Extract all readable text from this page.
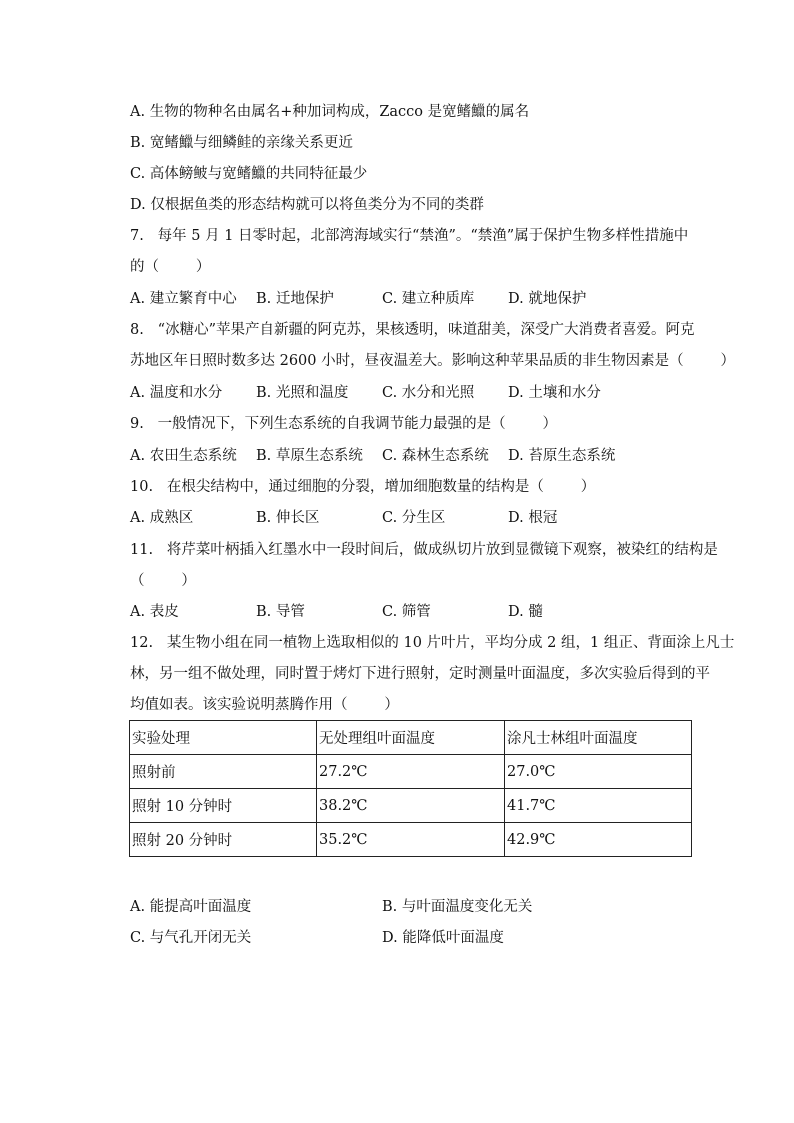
A. 生物的物种名由属名+种加词构成，Zacco 是宽鳍鱲的属名
B. 宽鳍鱲与细鳞鲑的亲缘关系更近
C. 高体鳑鲏与宽鳍鱲的共同特征最少
D. 仅根据鱼类的形态结构就可以将鱼类分为不同的类群
7.   每年 5 月 1 日零时起，北部湾海域实行“禁渔”。“禁渔”属于保护生物多样性措施中
的（        ）
A. 建立繁育中心 B. 迁地保护	C. 建立种质库 D. 就地保护
8.   “冰糖心”苹果产自新疆的阿克苏，果核透明，味道甜美，深受广大消费者喜爱。阿克
苏地区年日照时数多达 2600 小时，昼夜温差大。影响这种苹果品质的非生物因素是（        ）
A. 温度和水分 B. 光照和温度 C. 水分和光照 D. 土壤和水分
9.   一般情况下，下列生态系统的自我调节能力最强的是（        ）
A. 农田生态系统 B. 草原生态系统 C. 森林生态系统 D. 苔原生态系统
10.   在根尖结构中，通过细胞的分裂，增加细胞数量的结构是（        ）
A. 成熟区	B. 伸长区	C. 分生区	D. 根冠
11.   将芹菜叶柄插入红墨水中一段时间后，做成纵切片放到显微镜下观察，被染红的结构是
（        ）
A. 表皮	B. 导管	C. 筛管	D. 髓
12.   某生物小组在同一植物上选取相似的 10 片叶片，平均分成 2 组，1 组正、背面涂上凡士
林，另一组不做处理，同时置于烤灯下进行照射，定时测量叶面温度，多次实验后得到的平
均值如表。该实验说明蒸腾作用（        ）
实验处理	无处理组叶面温度	涂凡士林组叶面温度
照射前	27.2℃	27.0℃
照射 10 分钟时	38.2℃	41.7℃
照射 20 分钟时	35.2℃	42.9℃
A. 能提高叶面温度	B. 与叶面温度变化无关
C. 与气孔开闭无关	D. 能降低叶面温度
